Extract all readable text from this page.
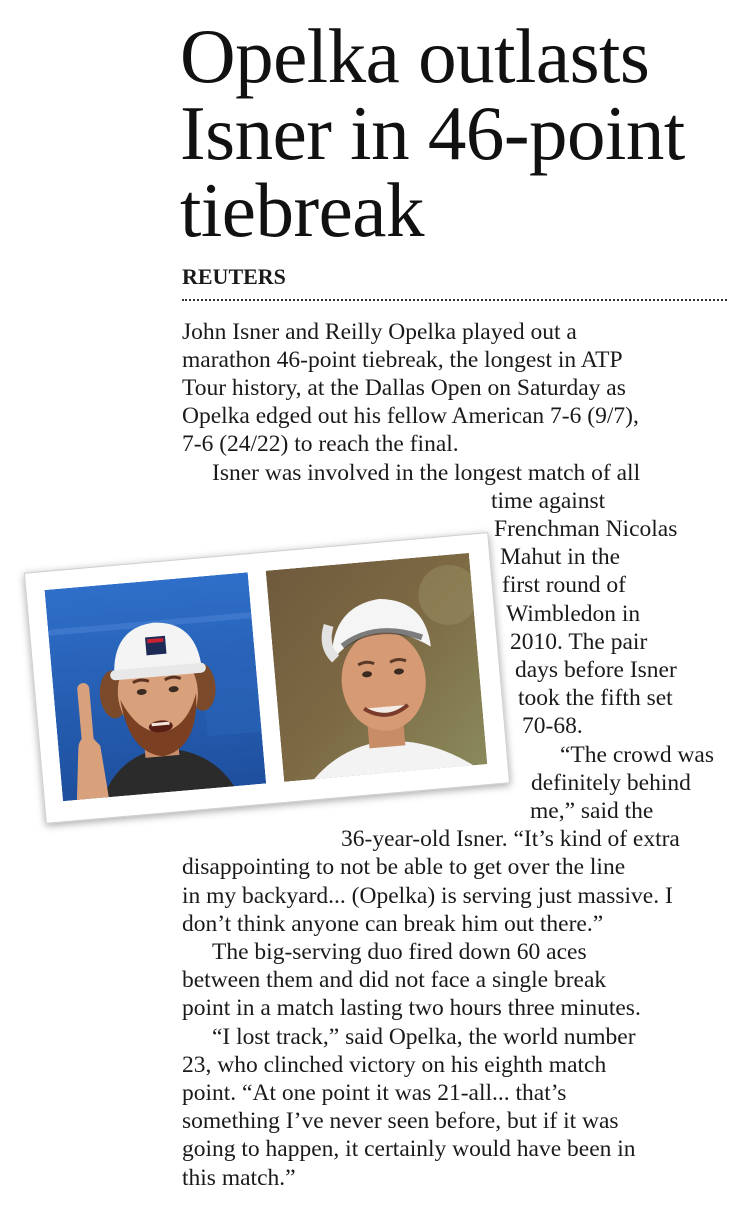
Opelka outlasts Isner in 46-point tiebreak
REUTERS

John Isner and Reilly Opelka played out a

marathon 46-point tiebreak, the longest in ATP

Tour history, at the Dallas Open on Saturday as

Opelka edged out his fellow American 7-6 (9/7),

7-6 (24/22) to reach the final.

Isner was involved in the longest match of all

time against

Frenchman Nicolas

Mahut in the

first round of

Wimbledon in

2010. The pair

days before Isner

took the fifth set

70-68.

“The crowd was

definitely behind

me,” said the

36-year-old Isner. “It’s kind of extra

disappointing to not be able to get over the line

in my backyard... (Opelka) is serving just massive. I

don’t think anyone can break him out there.”

The big-serving duo fired down 60 aces

between them and did not face a single break

point in a match lasting two hours three minutes.

“I lost track,” said Opelka, the world number

23, who clinched victory on his eighth match

point. “At one point it was 21-all... that’s

something I’ve never seen before, but if it was

going to happen, it certainly would have been in

this match.”
